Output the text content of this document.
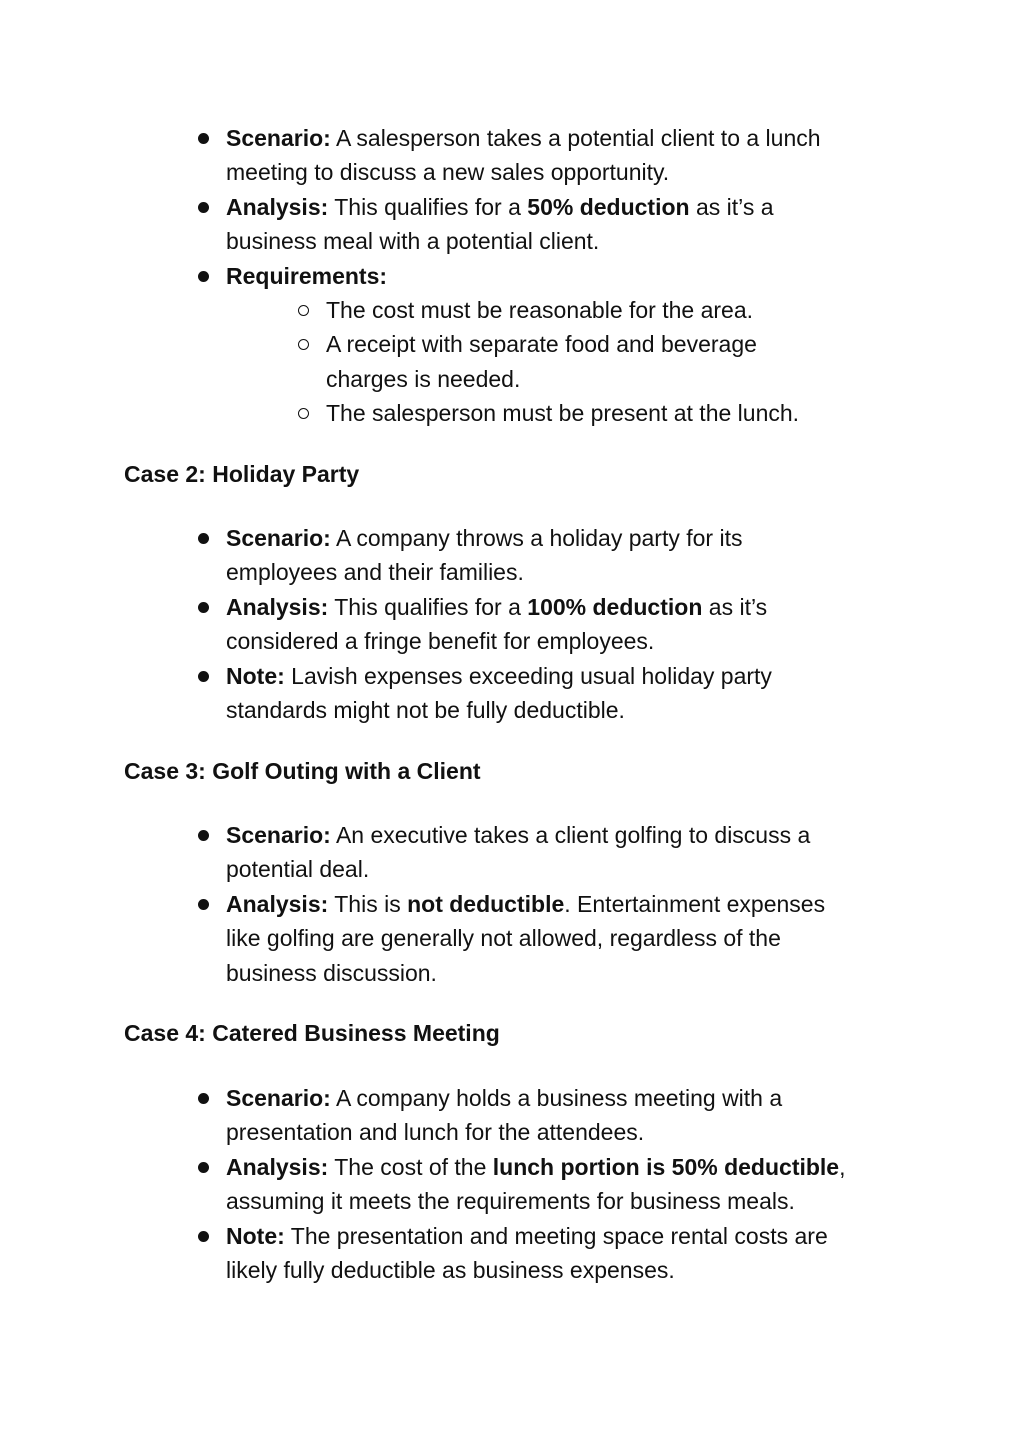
Scenario: A salesperson takes a potential client to a lunch
meeting to discuss a new sales opportunity.
Analysis: This qualifies for a 50% deduction as it’s a
business meal with a potential client.
Requirements:
The cost must be reasonable for the area.
A receipt with separate food and beverage
charges is needed.
The salesperson must be present at the lunch.
Case 2: Holiday Party
Scenario: A company throws a holiday party for its
employees and their families.
Analysis: This qualifies for a 100% deduction as it’s
considered a fringe benefit for employees.
Note: Lavish expenses exceeding usual holiday party
standards might not be fully deductible.
Case 3: Golf Outing with a Client
Scenario: An executive takes a client golfing to discuss a
potential deal.
Analysis: This is not deductible. Entertainment expenses
like golfing are generally not allowed, regardless of the
business discussion.
Case 4: Catered Business Meeting
Scenario: A company holds a business meeting with a
presentation and lunch for the attendees.
Analysis: The cost of the lunch portion is 50% deductible,
assuming it meets the requirements for business meals.
Note: The presentation and meeting space rental costs are
likely fully deductible as business expenses.
